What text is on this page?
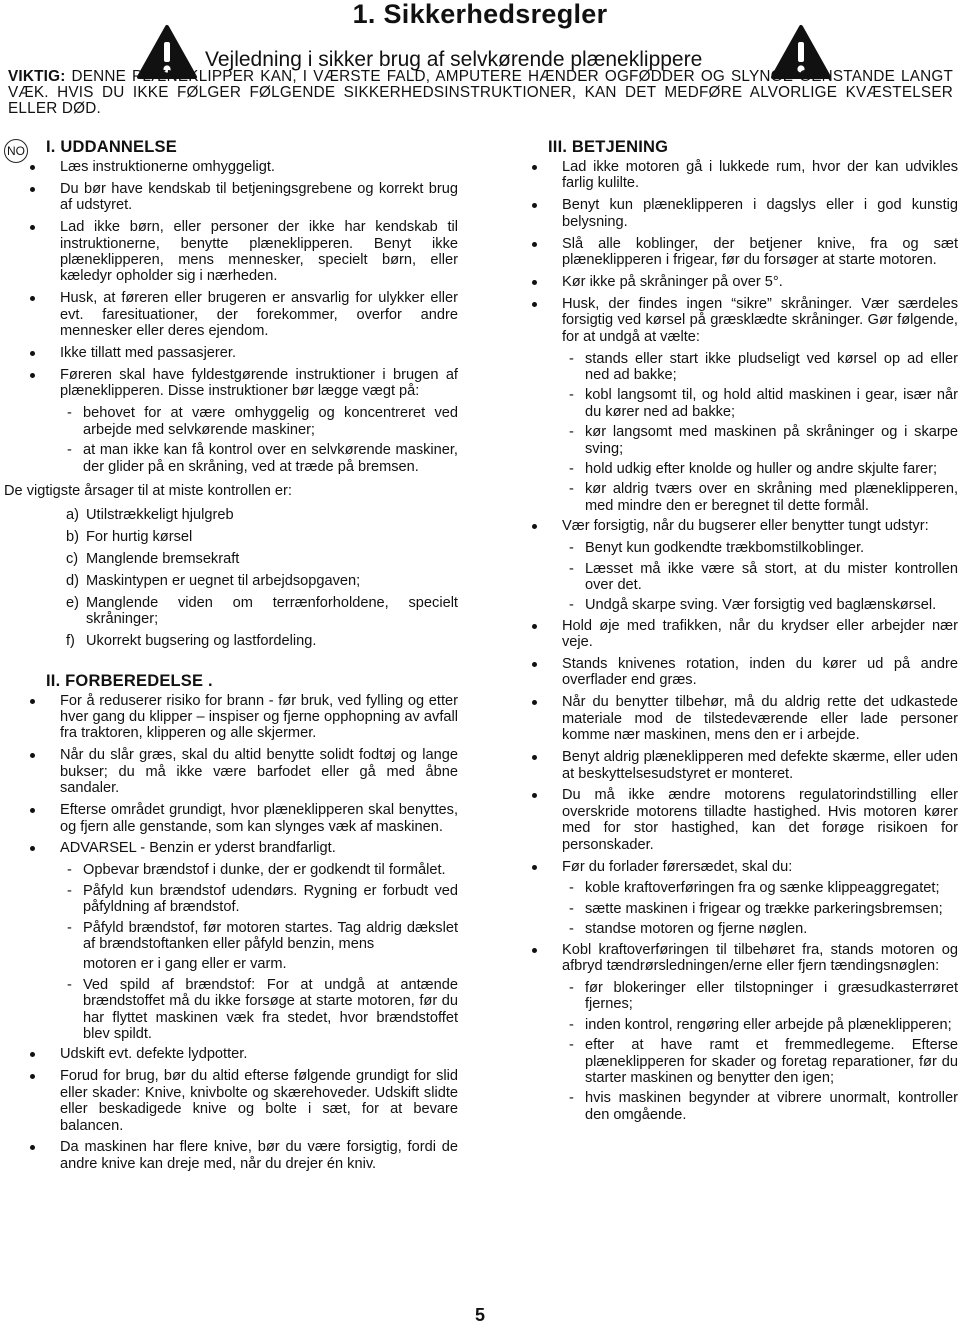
1. Sikkerhedsregler
Vejledning i sikker brug af selvkørende plæneklippere
VIKTIG: DENNE PLÆNEKLIPPER KAN, I VÆRSTE FALD, AMPUTERE HÆNDER OGFØDDER OG SLYNGE GENSTANDE LANGT VÆK. HVIS DU IKKE FØLGER FØLGENDE SIKKERHEDSINSTRUKTIONER, KAN DET MEDFØRE ALVORLIGE KVÆSTELSER ELLER DØD.
NO I. UDDANNELSE
Læs instruktionerne omhyggeligt.
Du bør have kendskab til betjeningsgrebene og korrekt brug af udstyret.
Lad ikke børn, eller personer der ikke har kendskab til instruktionerne, benytte plæneklipperen. Benyt ikke plæneklipperen, mens mennesker, specielt børn, eller kæledyr opholder sig i nærheden.
Husk, at føreren eller brugeren er ansvarlig for ulykker eller evt. faresituationer, der forekommer, overfor andre mennesker eller deres ejendom.
Ikke tillatt med passasjerer.
Føreren skal have fyldestgørende instruktioner i brugen af plæneklipperen. Disse instruktioner bør lægge vægt på:
- behovet for at være omhyggelig og koncentreret ved arbejde med selvkørende maskiner;
- at man ikke kan få kontrol over en selvkørende maskiner, der glider på en skråning, ved at træde på bremsen.
De vigtigste årsager til at miste kontrollen er:
a) Utilstrækkeligt hjulgreb
b) For hurtig kørsel
c) Manglende bremsekraft
d) Maskintypen er uegnet til arbejdsopgaven;
e) Manglende viden om terrænforholdene, specielt skråninger;
f) Ukorrekt bugsering og lastfordeling.
II. FORBEREDELSE .
For å reduserer risiko for brann - før bruk, ved fylling og etter hver gang du klipper – inspiser og fjerne opphopning av avfall fra traktoren, klipperen og alle skjermer.
Når du slår græs, skal du altid benytte solidt fodtøj og lange bukser; du må ikke være barfodet eller gå med åbne sandaler.
Efterse området grundigt, hvor plæneklipperen skal benyttes, og fjern alle genstande, som kan slynges væk af maskinen.
ADVARSEL - Benzin er yderst brandfarligt.
- Opbevar brændstof i dunke, der er godkendt til formålet.
- Påfyld kun brændstof udendørs. Rygning er forbudt ved påfyldning af brændstof.
- Påfyld brændstof, før motoren startes. Tag aldrig dækslet af brændstoftanken eller påfyld benzin, mens
motoren er i gang eller er varm.
- Ved spild af brændstof: For at undgå at antænde brændstoffet må du ikke forsøge at starte motoren, før du har flyttet maskinen væk fra stedet, hvor brændstoffet blev spildt.
Udskift evt. defekte lydpotter.
Forud for brug, bør du altid efterse følgende grundigt for slid eller skader: Knive, knivbolte og skærehoveder. Udskift slidte eller beskadigede knive og bolte i sæt, for at bevare balancen.
Da maskinen har flere knive, bør du være forsigtig, fordi de andre knive kan dreje med, når du drejer én kniv.
III. BETJENING
Lad ikke motoren gå i lukkede rum, hvor der kan udvikles farlig kulilte.
Benyt kun plæneklipperen i dagslys eller i god kunstig belysning.
Slå alle koblinger, der betjener knive, fra og sæt plæneklipperen i frigear, før du forsøger at starte motoren.
Kør ikke på skråninger på over 5°.
Husk, der findes ingen “sikre” skråninger. Vær særdeles forsigtig ved kørsel på græsklædte skråninger. Gør følgende, for at undgå at vælte:
- stands eller start ikke pludseligt ved kørsel op ad eller ned ad bakke;
- kobl langsomt til, og hold altid maskinen i gear, især når du kører ned ad bakke;
- kør langsomt med maskinen på skråninger og i skarpe sving;
- hold udkig efter knolde og huller og andre skjulte farer;
- kør aldrig tværs over en skråning med plæneklipperen, med mindre den er beregnet til dette formål.
Vær forsigtig, når du bugserer eller benytter tungt udstyr:
- Benyt kun godkendte trækbomstilkoblinger.
- Læsset må ikke være så stort, at du mister kontrollen over det.
- Undgå skarpe sving. Vær forsigtig ved baglænskørsel.
Hold øje med trafikken, når du krydser eller arbejder nær veje.
Stands knivenes rotation, inden du kører ud på andre overflader end græs.
Når du benytter tilbehør, må du aldrig rette det udkastede materiale mod de tilstedeværende eller lade personer komme nær maskinen, mens den er i arbejde.
Benyt aldrig plæneklipperen med defekte skærme, eller uden at beskyttelsesudstyret er monteret.
Du må ikke ændre motorens regulatorindstilling eller overskride motorens tilladte hastighed. Hvis motoren kører med for stor hastighed, kan det forøge risikoen for personskader.
Før du forlader førersædet, skal du:
- koble kraftoverføringen fra og sænke klippeaggregatet;
- sætte maskinen i frigear og trække parkeringsbremsen;
- standse motoren og fjerne nøglen.
Kobl kraftoverføringen til tilbehøret fra, stands motoren og afbryd tændrørsledningen/erne eller fjern tændingsnøglen:
- før blokeringer eller tilstopninger i græsudkasterrøret fjernes;
- inden kontrol, rengøring eller arbejde på plæneklipperen;
- efter at have ramt et fremmedlegeme. Efterse plæneklipperen for skader og foretag reparationer, før du starter maskinen og benytter den igen;
- hvis maskinen begynder at vibrere unormalt, kontroller den omgående.
5
